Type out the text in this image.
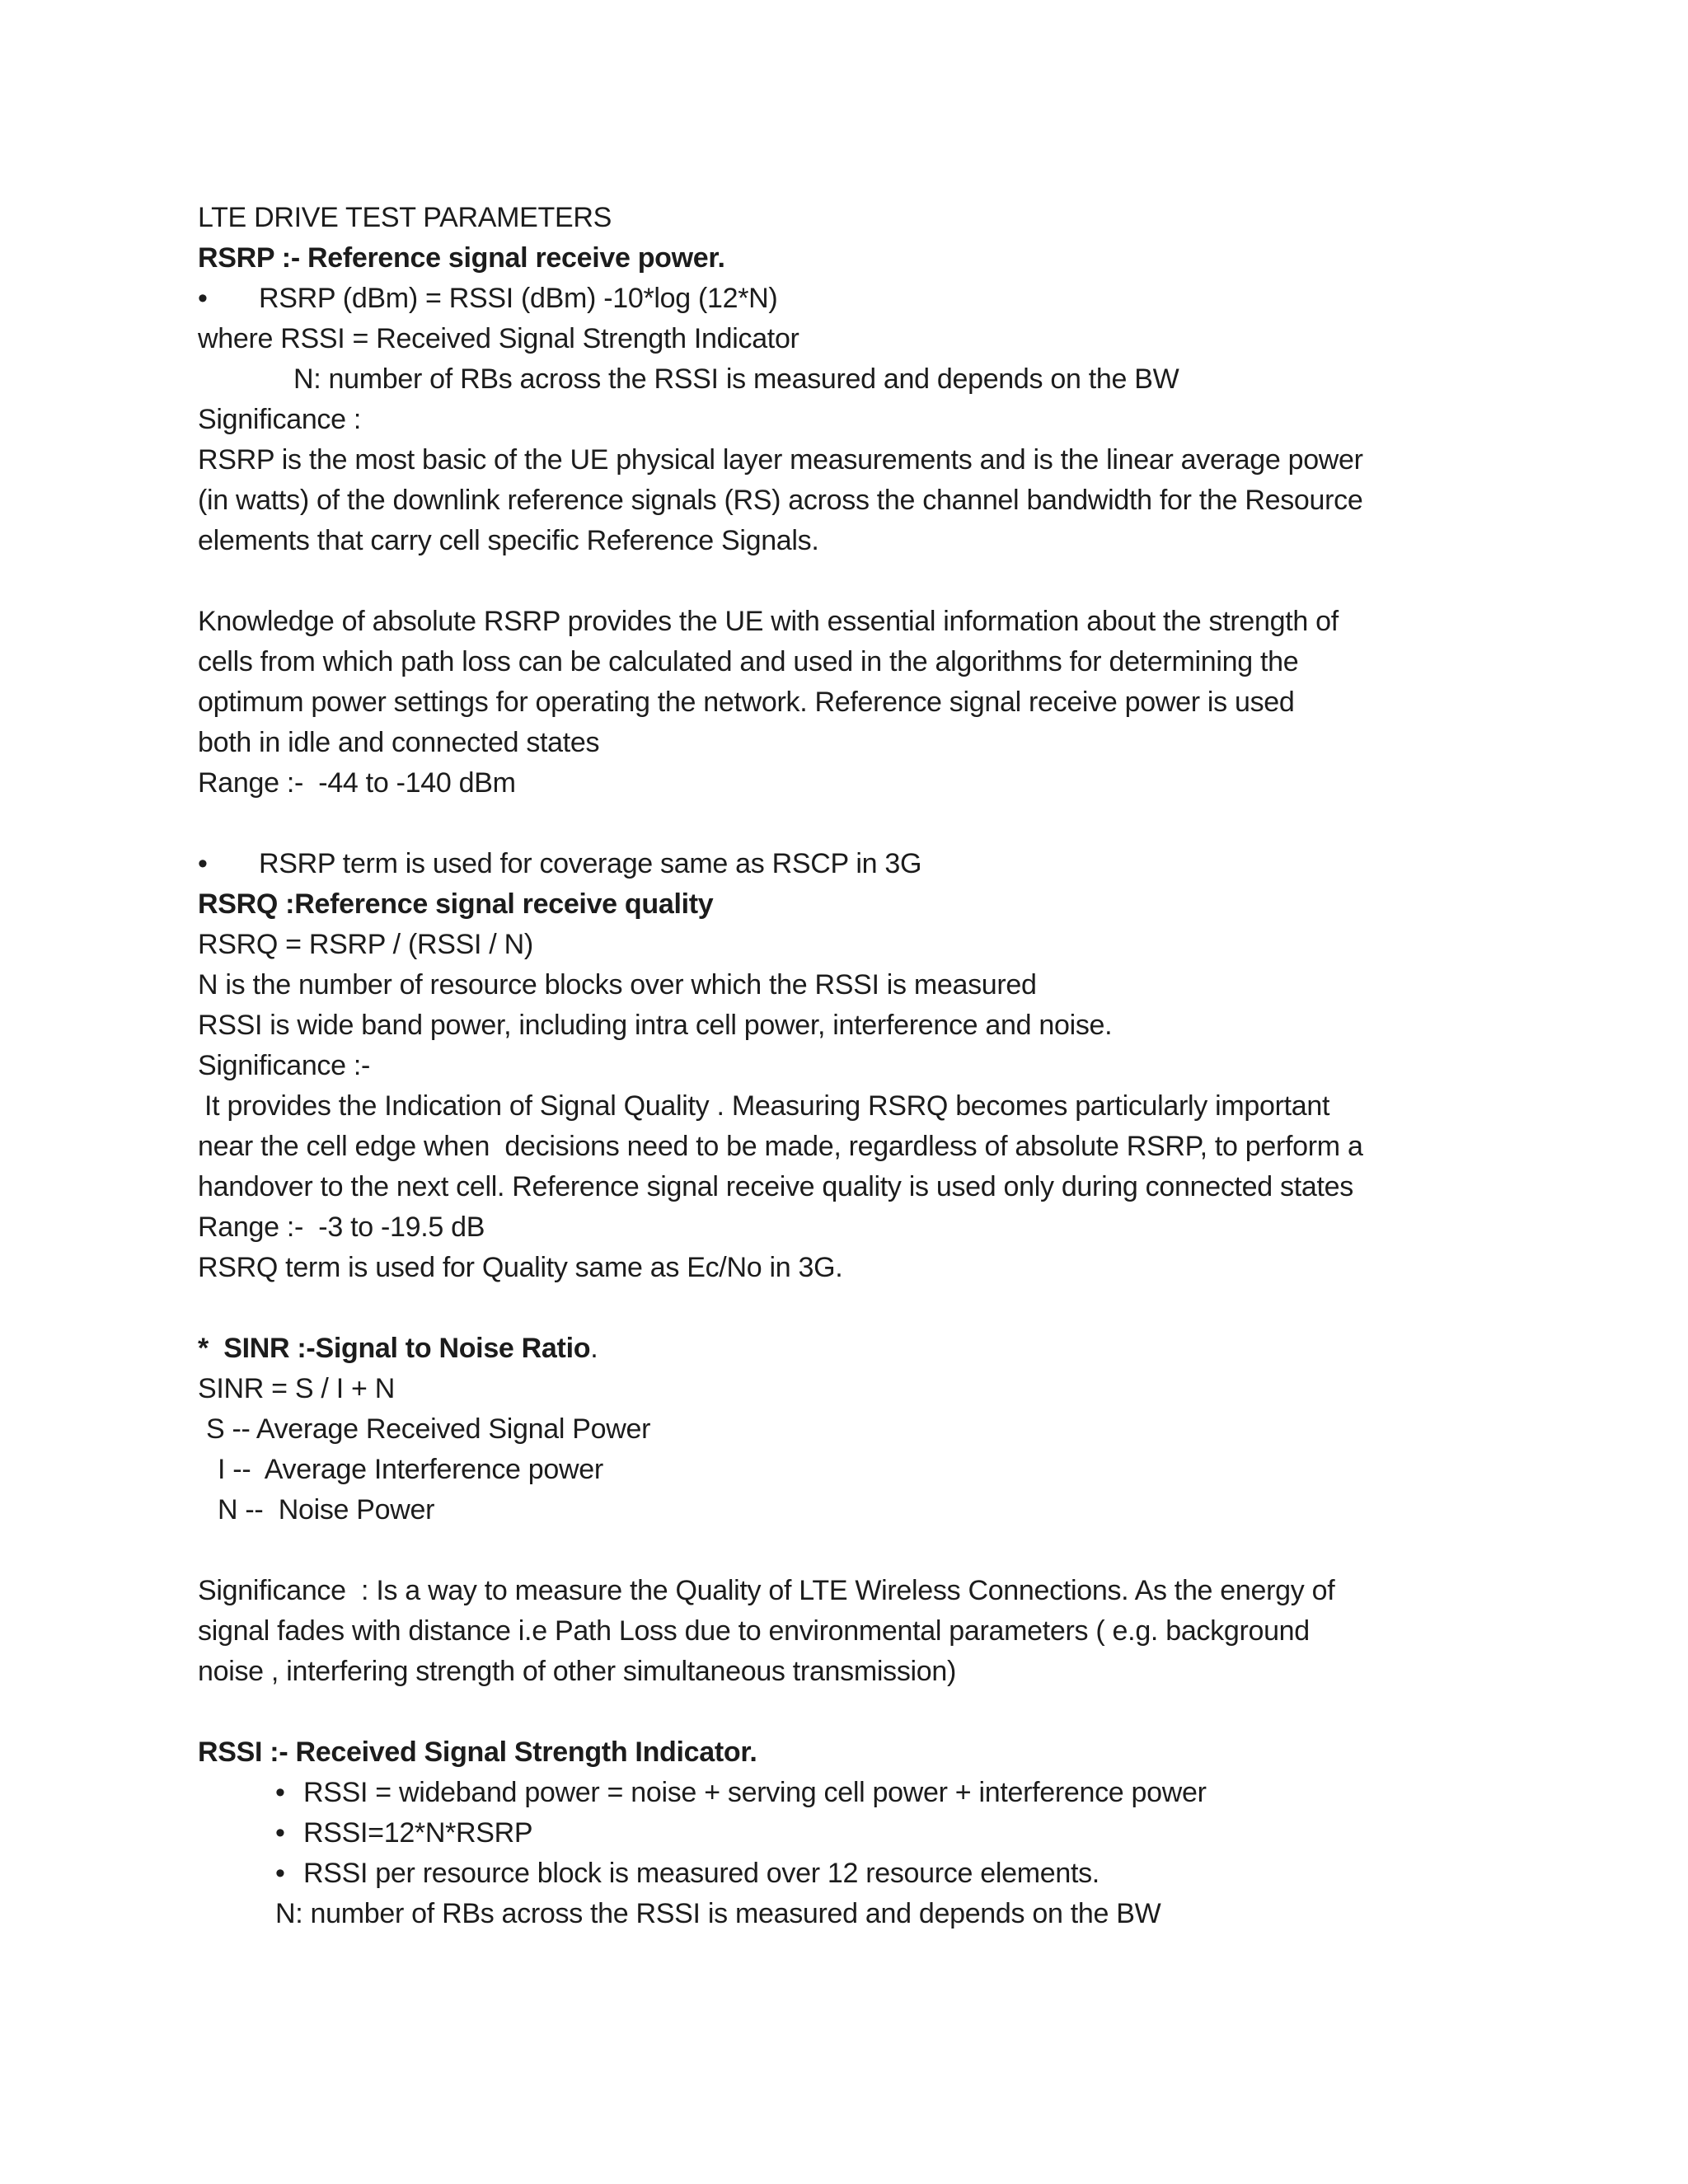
LTE DRIVE TEST PARAMETERS
RSRP :- Reference signal receive power.
• RSRP (dBm) = RSSI (dBm) -10*log (12*N)
where RSSI = Received Signal Strength Indicator
N: number of RBs across the RSSI is measured and depends on the BW
Significance :
RSRP is the most basic of the UE physical layer measurements and is the linear average power
(in watts) of the downlink reference signals (RS) across the channel bandwidth for the Resource
elements that carry cell specific Reference Signals.
Knowledge of absolute RSRP provides the UE with essential information about the strength of
cells from which path loss can be calculated and used in the algorithms for determining the
optimum power settings for operating the network. Reference signal receive power is used
both in idle and connected states
Range :-  -44 to -140 dBm
• RSRP term is used for coverage same as RSCP in 3G
RSRQ :Reference signal receive quality
RSRQ = RSRP / (RSSI / N)
N is the number of resource blocks over which the RSSI is measured
RSSI is wide band power, including intra cell power, interference and noise.
Significance :-
It provides the Indication of Signal Quality . Measuring RSRQ becomes particularly important
near the cell edge when  decisions need to be made, regardless of absolute RSRP, to perform a
handover to the next cell. Reference signal receive quality is used only during connected states
Range :-  -3 to -19.5 dB
RSRQ term is used for Quality same as Ec/No in 3G.
*  SINR :-Signal to Noise Ratio.
SINR = S / I + N
S -- Average Received Signal Power
I --  Average Interference power
N --  Noise Power
Significance  : Is a way to measure the Quality of LTE Wireless Connections. As the energy of
signal fades with distance i.e Path Loss due to environmental parameters ( e.g. background
noise , interfering strength of other simultaneous transmission)
RSSI :- Received Signal Strength Indicator.
• RSSI = wideband power = noise + serving cell power + interference power
• RSSI=12*N*RSRP
• RSSI per resource block is measured over 12 resource elements.
N: number of RBs across the RSSI is measured and depends on the BW
